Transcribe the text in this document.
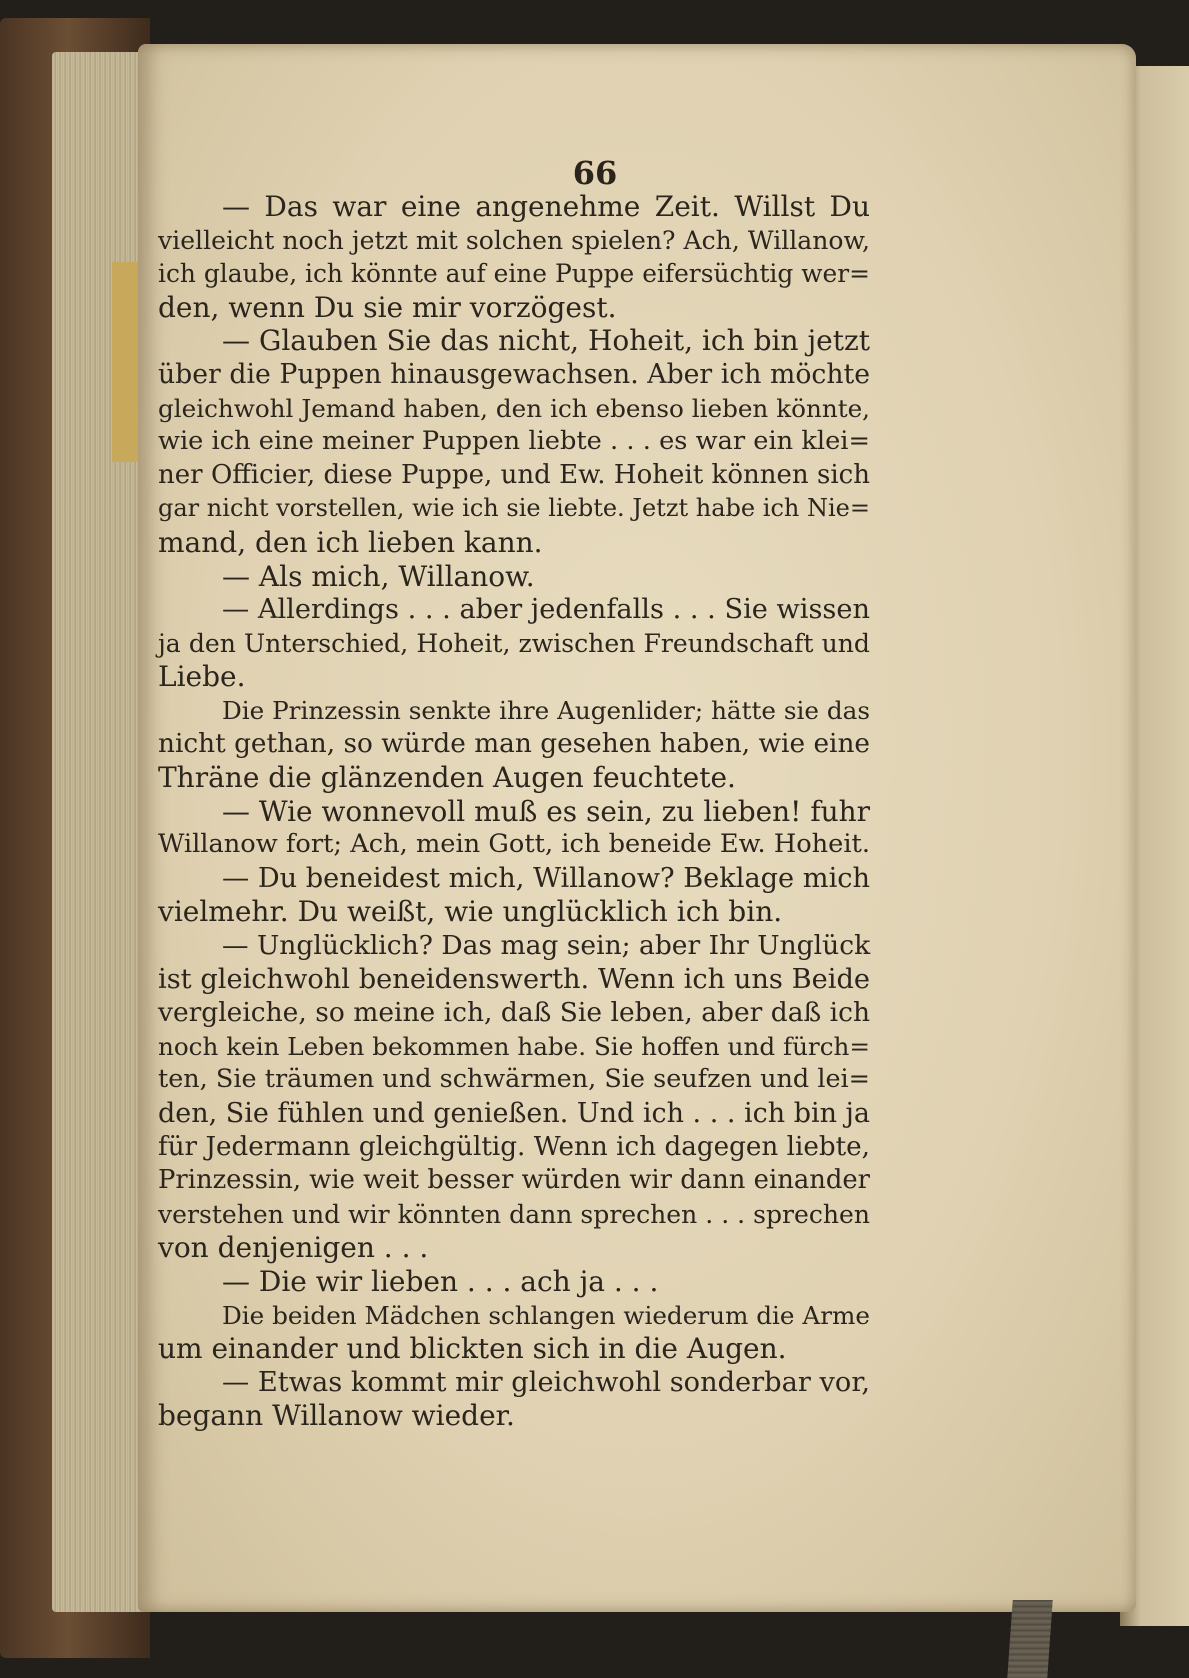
66
— Das war eine angenehme Zeit. Willst Du
vielleicht noch jetzt mit solchen spielen? Ach, Willanow,
ich glaube, ich könnte auf eine Puppe eifersüchtig wer=
den, wenn Du sie mir vorzögest.
— Glauben Sie das nicht, Hoheit, ich bin jetzt
über die Puppen hinausgewachsen. Aber ich möchte
gleichwohl Jemand haben, den ich ebenso lieben könnte,
wie ich eine meiner Puppen liebte . . . es war ein klei=
ner Officier, diese Puppe, und Ew. Hoheit können sich
gar nicht vorstellen, wie ich sie liebte. Jetzt habe ich Nie=
mand, den ich lieben kann.
— Als mich, Willanow.
— Allerdings . . . aber jedenfalls . . . Sie wissen
ja den Unterschied, Hoheit, zwischen Freundschaft und
Liebe.
Die Prinzessin senkte ihre Augenlider; hätte sie das
nicht gethan, so würde man gesehen haben, wie eine
Thräne die glänzenden Augen feuchtete.
— Wie wonnevoll muß es sein, zu lieben! fuhr
Willanow fort; Ach, mein Gott, ich beneide Ew. Hoheit.
— Du beneidest mich, Willanow? Beklage mich
vielmehr. Du weißt, wie unglücklich ich bin.
— Unglücklich? Das mag sein; aber Ihr Unglück
ist gleichwohl beneidenswerth. Wenn ich uns Beide
vergleiche, so meine ich, daß Sie leben, aber daß ich
noch kein Leben bekommen habe. Sie hoffen und fürch=
ten, Sie träumen und schwärmen, Sie seufzen und lei=
den, Sie fühlen und genießen. Und ich . . . ich bin ja
für Jedermann gleichgültig. Wenn ich dagegen liebte,
Prinzessin, wie weit besser würden wir dann einander
verstehen und wir könnten dann sprechen . . . sprechen
von denjenigen . . .
— Die wir lieben . . . ach ja . . .
Die beiden Mädchen schlangen wiederum die Arme
um einander und blickten sich in die Augen.
— Etwas kommt mir gleichwohl sonderbar vor,
begann Willanow wieder.
